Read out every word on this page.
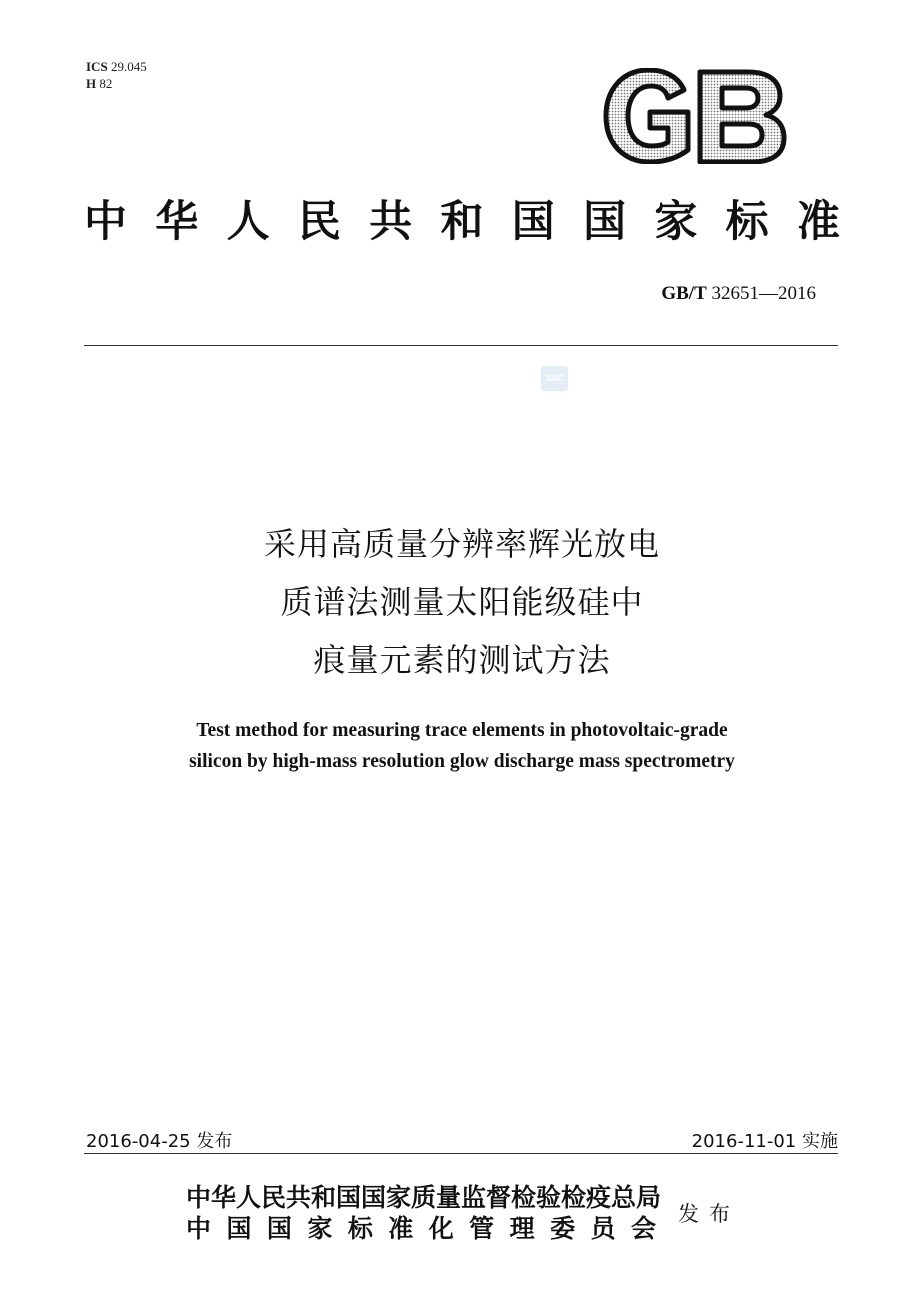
ICS 29.045
H 82
GB
中 华 人 民 共 和 国 国 家 标 准
GB/T 32651—2016
SAC
采用高质量分辨率辉光放电
质谱法测量太阳能级硅中
痕量元素的测试方法
Test method for measuring trace elements in photovoltaic-grade
silicon by high-mass resolution glow discharge mass spectrometry
2016-04-25 发布	2016-11-01 实施
中华人民共和国国家质量监督检验检疫总局
中 国 国 家 标 准 化 管 理 委 员 会 发布
